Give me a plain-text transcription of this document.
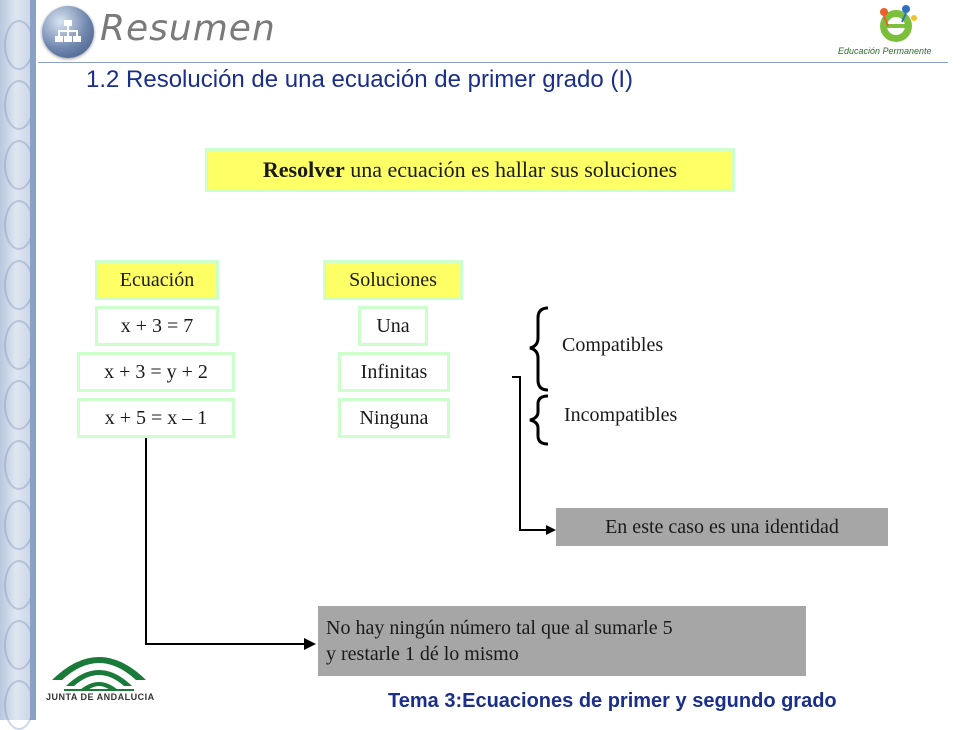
Resumen
Educación Permanente
1.2 Resolución de una ecuación de primer grado (I)
Resolver una ecuación es hallar sus soluciones
Ecuación	Soluciones
x + 3 = 7
x + 3 = y + 2
x + 5 = x – 1
Una
Infinitas
Ninguna
Compatibles
Incompatibles
En este caso es una identidad
No hay ningún número tal que al sumarle 5
y restarle 1 dé lo mismo
JUNTA DE ANDALUCIA	Tema 3:Ecuaciones de primer y segundo grado
